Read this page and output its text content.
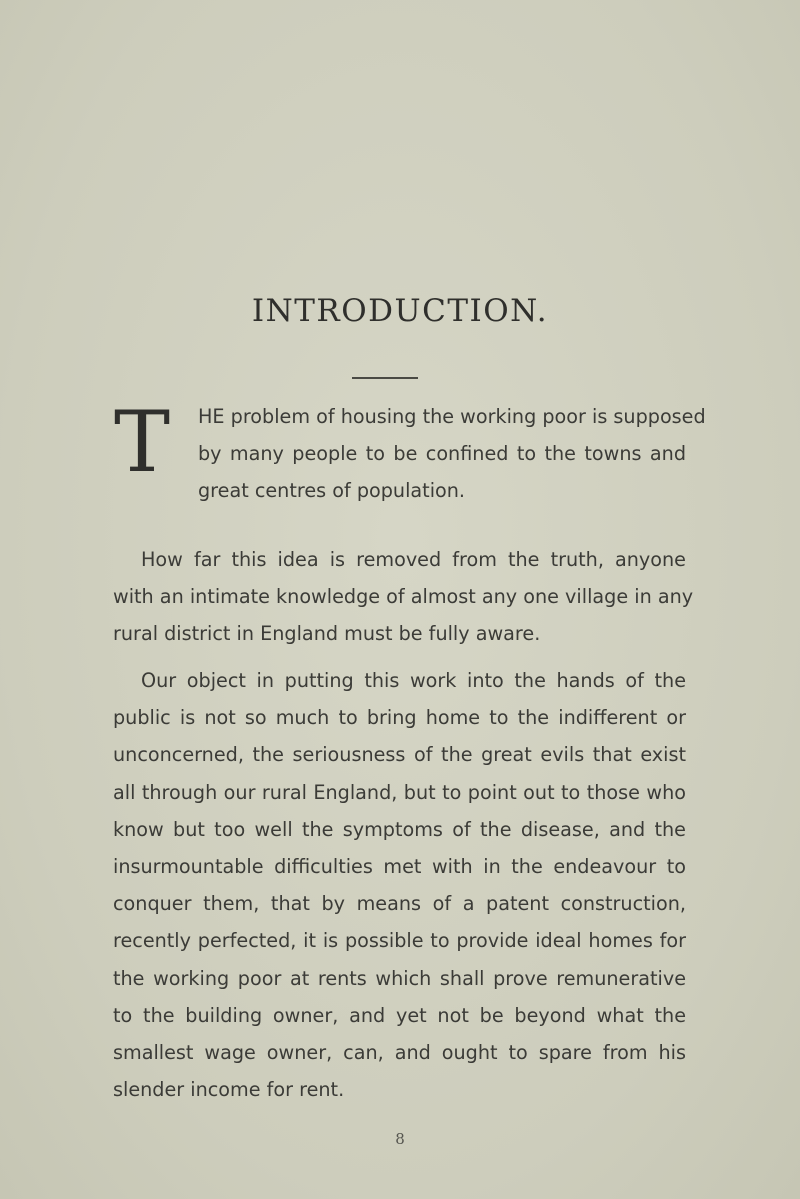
INTRODUCTION.
T HE problem of housing the working poor is supposed
by many people to be confined to the towns and
great centres of population.
How far this idea is removed from the truth, anyone
with an intimate knowledge of almost any one village in any
rural district in England must be fully aware.
Our object in putting this work into the hands of the
public is not so much to bring home to the indifferent or
unconcerned, the seriousness of the great evils that exist
all through our rural England, but to point out to those who
know but too well the symptoms of the disease, and the
insurmountable difficulties met with in the endeavour to
conquer them, that by means of a patent construction,
recently perfected, it is possible to provide ideal homes for
the working poor at rents which shall prove remunerative
to the building owner, and yet not be beyond what the
smallest wage owner, can, and ought to spare from his
slender income for rent.
8
